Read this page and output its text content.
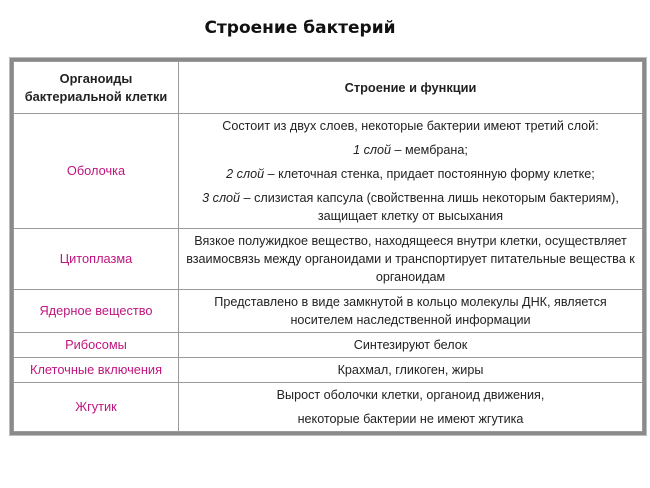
Строение бактерий
Органоиды бактериальной клетки	Строение и функции
Оболочка	Состоит из двух слоев, некоторые бактерии имеют третий слой:
1 слой – мембрана;
2 слой – клеточная стенка, придает постоянную форму клетке;
3 слой – слизистая капсула (свойственна лишь некоторым бактериям), защищает клетку от высыхания

Цитоплазма	Вязкое полужидкое вещество, находящееся внутри клетки, осуществляет взаимосвязь между органоидами и транспортирует питательные вещества к органоидам
Ядерное вещество	Представлено в виде замкнутой в кольцо молекулы ДНК, является носителем наследственной информации
Рибосомы	Синтезируют белок
Клеточные включения	Крахмал, гликоген, жиры
Жгутик	Вырост оболочки клетки, органоид движения,
некоторые бактерии не имеют жгутика
